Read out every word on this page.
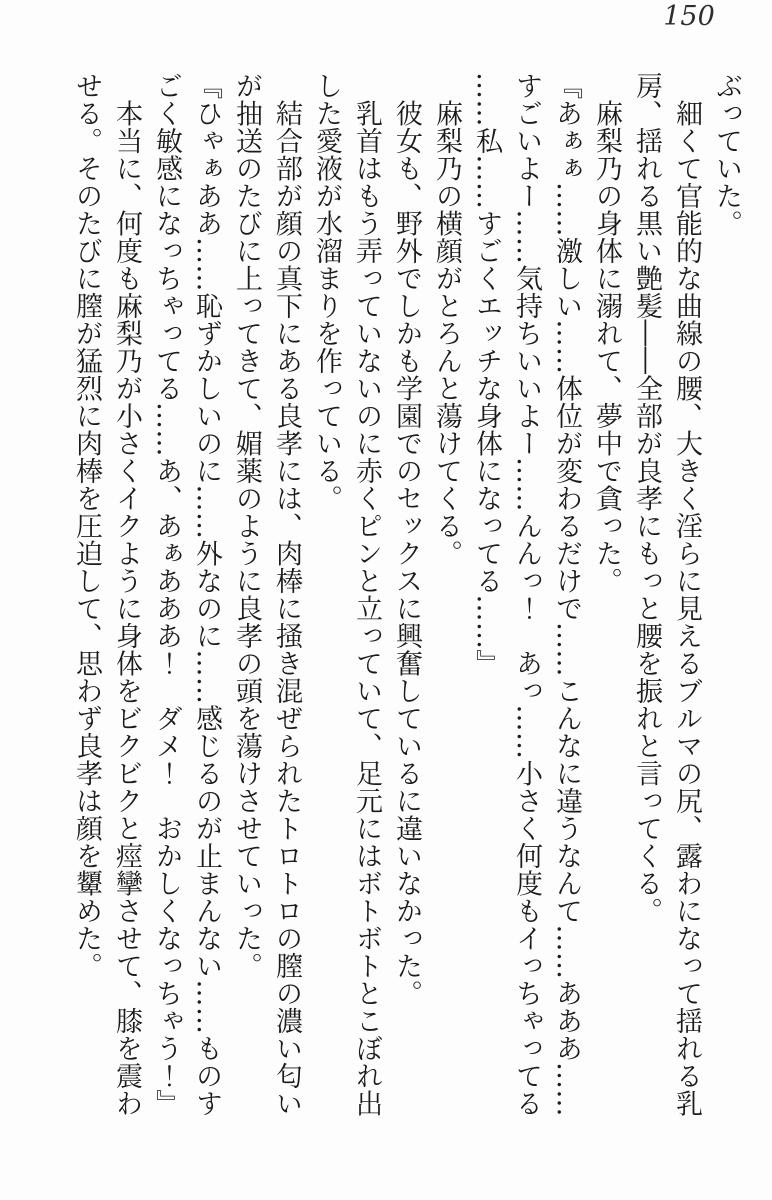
150

ぶっていた。

　細くて官能的な曲線の腰、大きく淫らに見えるブルマの尻、露わになって揺れる乳

房、揺れる黒い艶髪――全部が良孝にもっと腰を振れと言ってくる。

　麻梨乃の身体に溺れて、夢中で貪った。

『あぁぁ……激しい……体位が変わるだけで……こんなに違うなんて……あああ……

すごいよー……気持ちいいよー……んんっ！　あっ……小さく何度もイっちゃってる

……私……すごくエッチな身体になってる……』

　麻梨乃の横顔がとろんと蕩けてくる。

　彼女も、野外でしかも学園でのセックスに興奮しているに違いなかった。

　乳首はもう弄っていないのに赤くピンと立っていて、足元にはボトボトとこぼれ出

した愛液が水溜まりを作っている。

　結合部が顔の真下にある良孝には、肉棒に掻き混ぜられたトロトロの膣の濃い匂い

が抽送のたびに上ってきて、媚薬のように良孝の頭を蕩けさせていった。

『ひゃぁああ……恥ずかしいのに……外なのに……感じるのが止まんない……ものす

ごく敏感になっちゃってる……あ、あぁあああ！　ダメ！　おかしくなっちゃう！』

　本当に、何度も麻梨乃が小さくイクように身体をビクビクと痙攣させて、膝を震わ

せる。そのたびに膣が猛烈に肉棒を圧迫して、思わず良孝は顔を顰めた。
